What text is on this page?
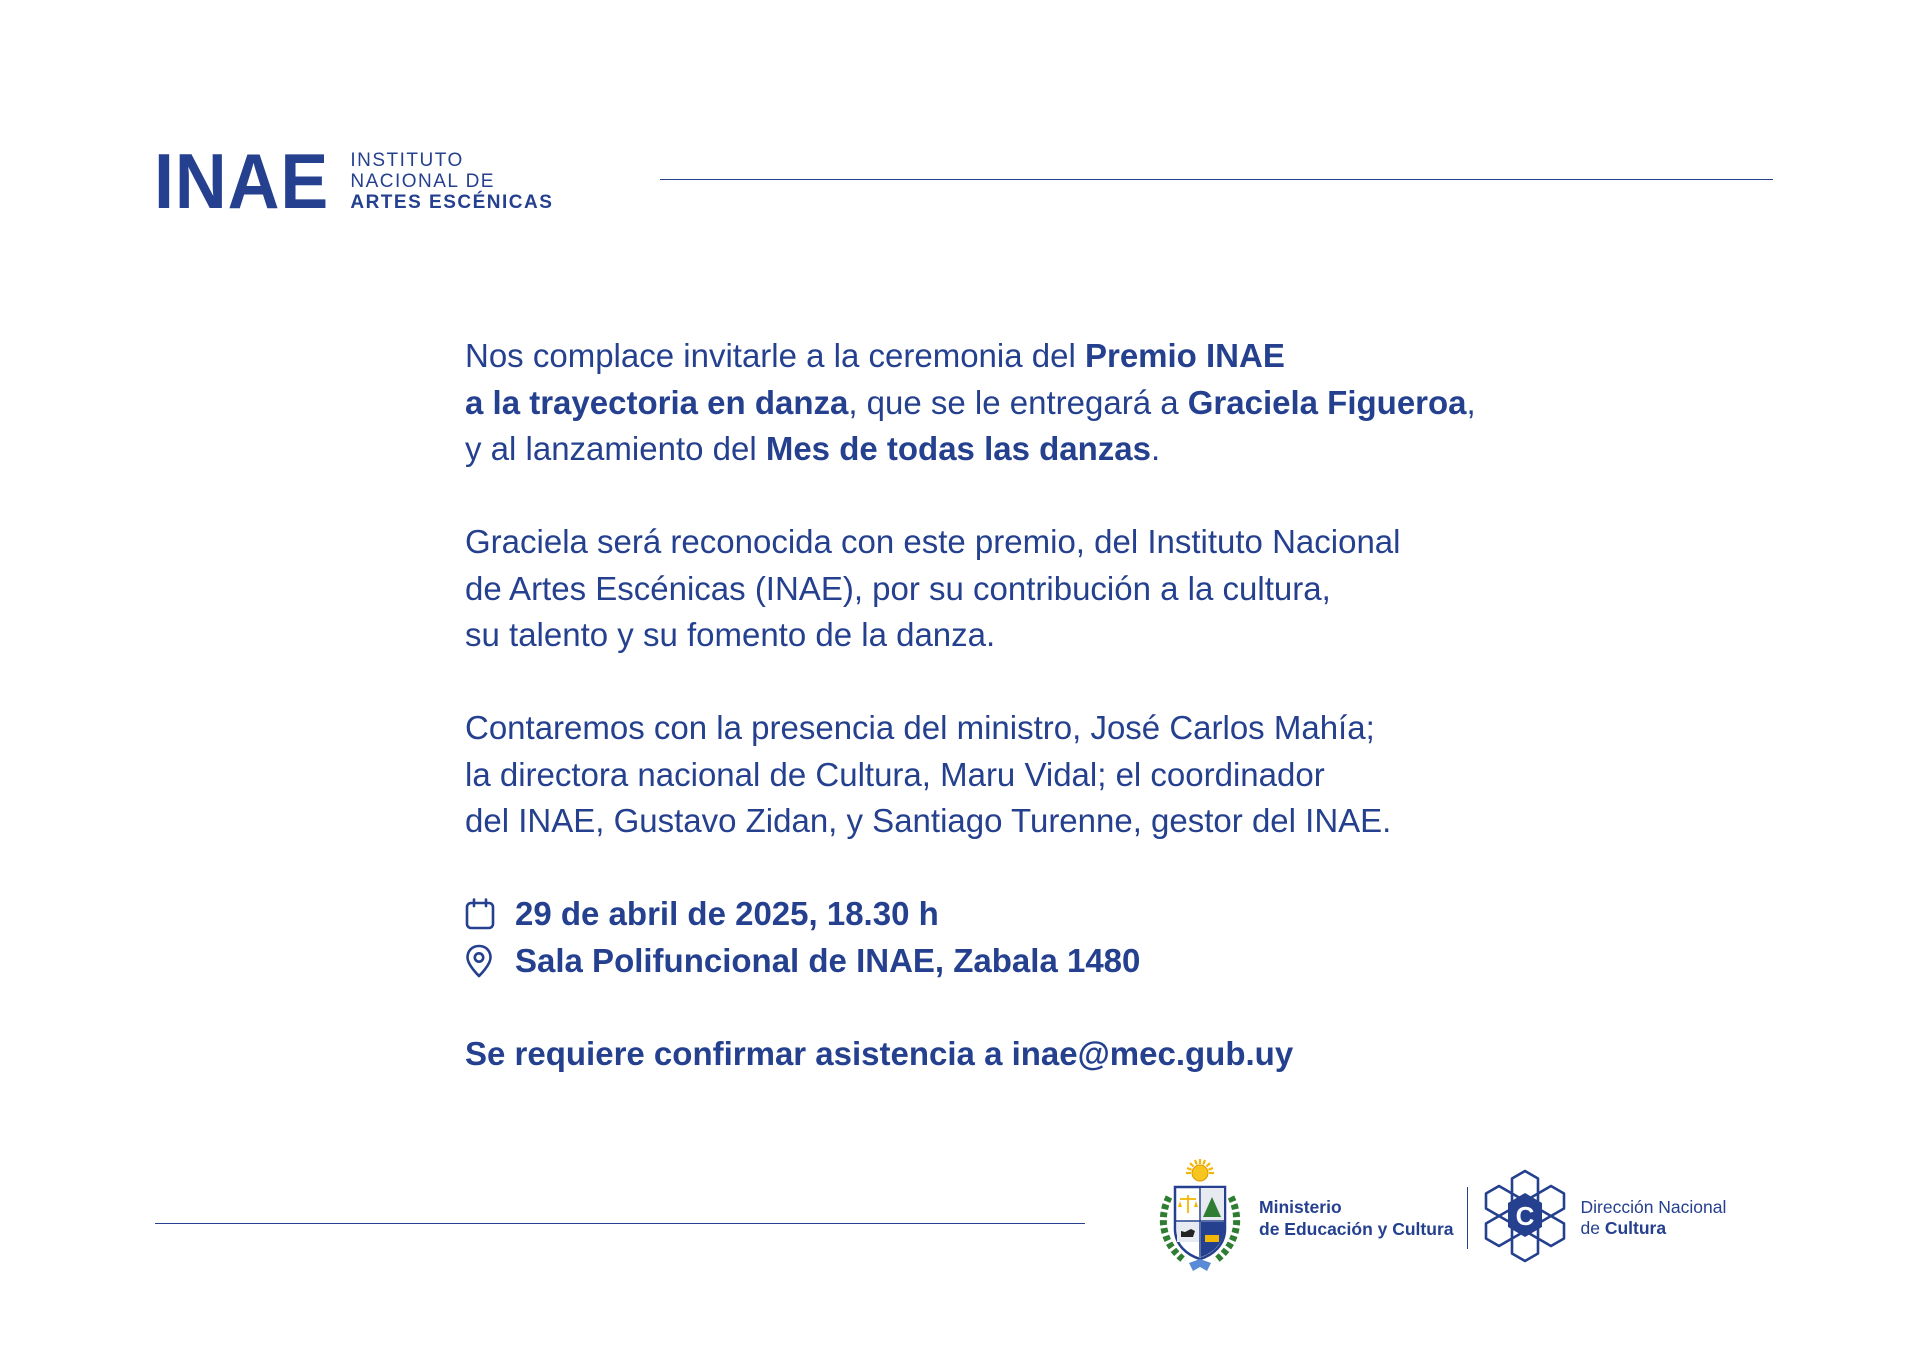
INAE INSTITUTO
NACIONAL DE
ARTES ESCÉNICAS

Nos complace invitarle a la ceremonia del Premio INAE
a la trayectoria en danza, que se le entregará a Graciela Figueroa,
y al lanzamiento del Mes de todas las danzas.

Graciela será reconocida con este premio, del Instituto Nacional
de Artes Escénicas (INAE), por su contribución a la cultura,
su talento y su fomento de la danza.

Contaremos con la presencia del ministro, José Carlos Mahía;
la directora nacional de Cultura, Maru Vidal; el coordinador
del INAE, Gustavo Zidan, y Santiago Turenne, gestor del INAE.

29 de abril de 2025, 18.30 h
Sala Polifuncional de INAE, Zabala 1480

Se requiere confirmar asistencia a inae@mec.gub.uy

Ministerio
de Educación y Cultura C	Dirección Nacional
de Cultura
